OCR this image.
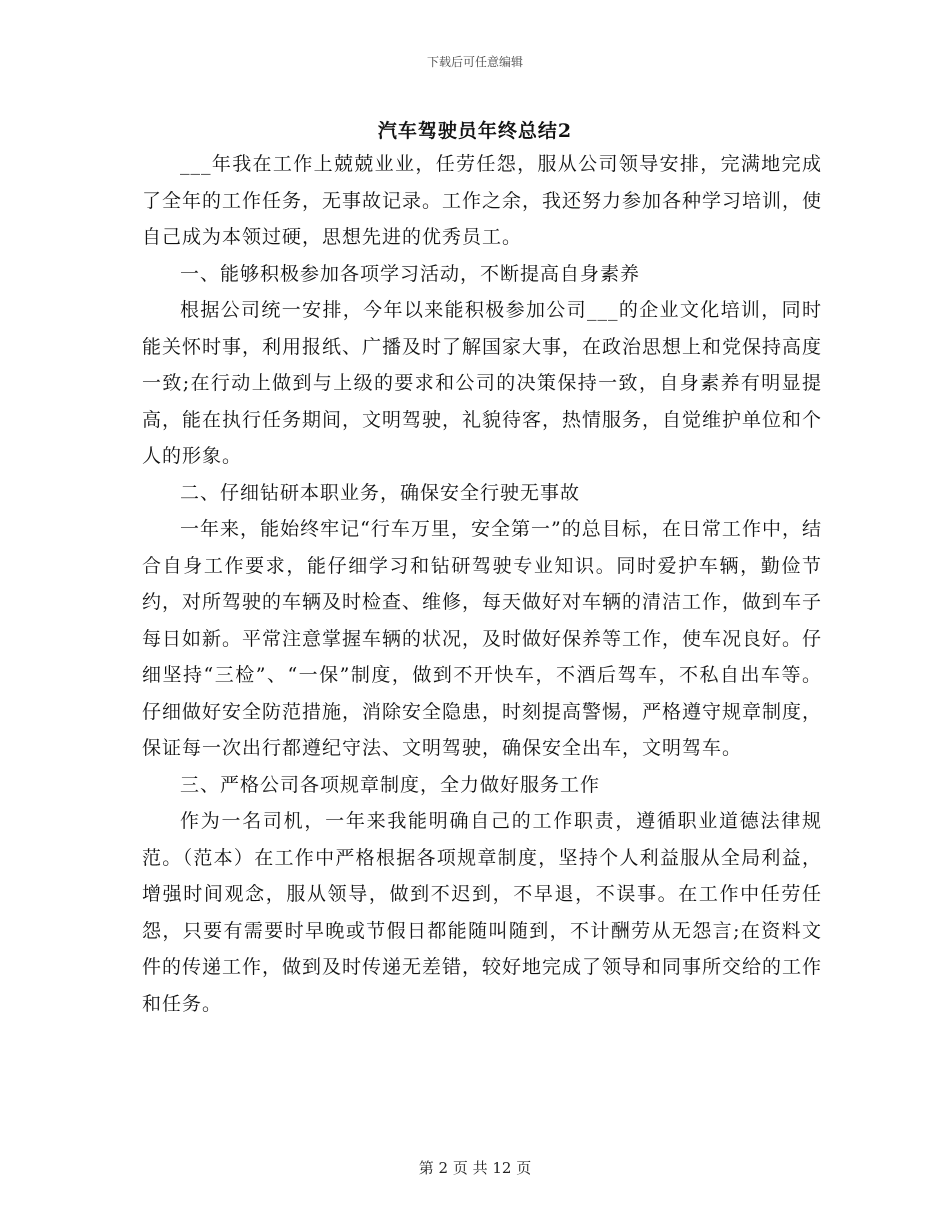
下载后可任意编辑
汽车驾驶员年终总结2

___年我在工作上兢兢业业，任劳任怨，服从公司领导安排，完满地完成了全年的工作任务，无事故记录。工作之余，我还努力参加各种学习培训，使自己成为本领过硬，思想先进的优秀员工。

一、能够积极参加各项学习活动，不断提高自身素养

根据公司统一安排，今年以来能积极参加公司___的企业文化培训，同时能关怀时事，利用报纸、广播及时了解国家大事，在政治思想上和党保持高度一致;在行动上做到与上级的要求和公司的决策保持一致，自身素养有明显提高，能在执行任务期间，文明驾驶，礼貌待客，热情服务，自觉维护单位和个人的形象。

二、仔细钻研本职业务，确保安全行驶无事故

一年来，能始终牢记“行车万里，安全第一”的总目标，在日常工作中，结合自身工作要求，能仔细学习和钻研驾驶专业知识。同时爱护车辆，勤俭节约，对所驾驶的车辆及时检查、维修，每天做好对车辆的清洁工作，做到车子每日如新。平常注意掌握车辆的状况，及时做好保养等工作，使车况良好。仔细坚持“三检”、“一保”制度，做到不开快车，不酒后驾车，不私自出车等。仔细做好安全防范措施，消除安全隐患，时刻提高警惕，严格遵守规章制度，保证每一次出行都遵纪守法、文明驾驶，确保安全出车，文明驾车。

三、严格公司各项规章制度，全力做好服务工作

作为一名司机，一年来我能明确自己的工作职责，遵循职业道德法律规范。（范本）在工作中严格根据各项规章制度，坚持个人利益服从全局利益，增强时间观念，服从领导，做到不迟到，不早退，不误事。在工作中任劳任怨，只要有需要时早晚或节假日都能随叫随到，不计酬劳从无怨言;在资料文件的传递工作，做到及时传递无差错，较好地完成了领导和同事所交给的工作和任务。

第 2 页 共 12 页
